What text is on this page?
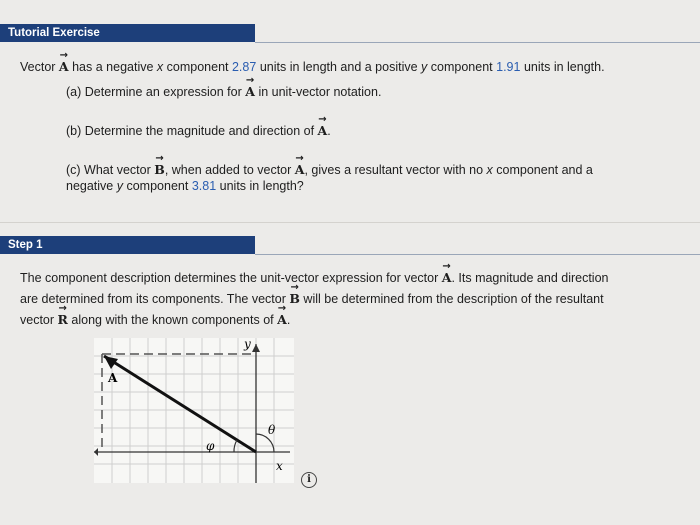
Tutorial Exercise
Vector A → has a negative x component 2.87 units in length and a positive y component 1.91 units in length.
(a) Determine an expression for A → in unit-vector notation.
(b) Determine the magnitude and direction of A →.
(c) What vector B →, when added to vector A →, gives a resultant vector with no x component and a
negative y component 3.81 units in length?
Step 1
The component description determines the unit-vector expression for vector A →. Its magnitude and direction
are determined from its components. The vector B → will be determined from the description of the resultant
vector R → along with the known components of A →.
A
φ
θ
x
y
i
